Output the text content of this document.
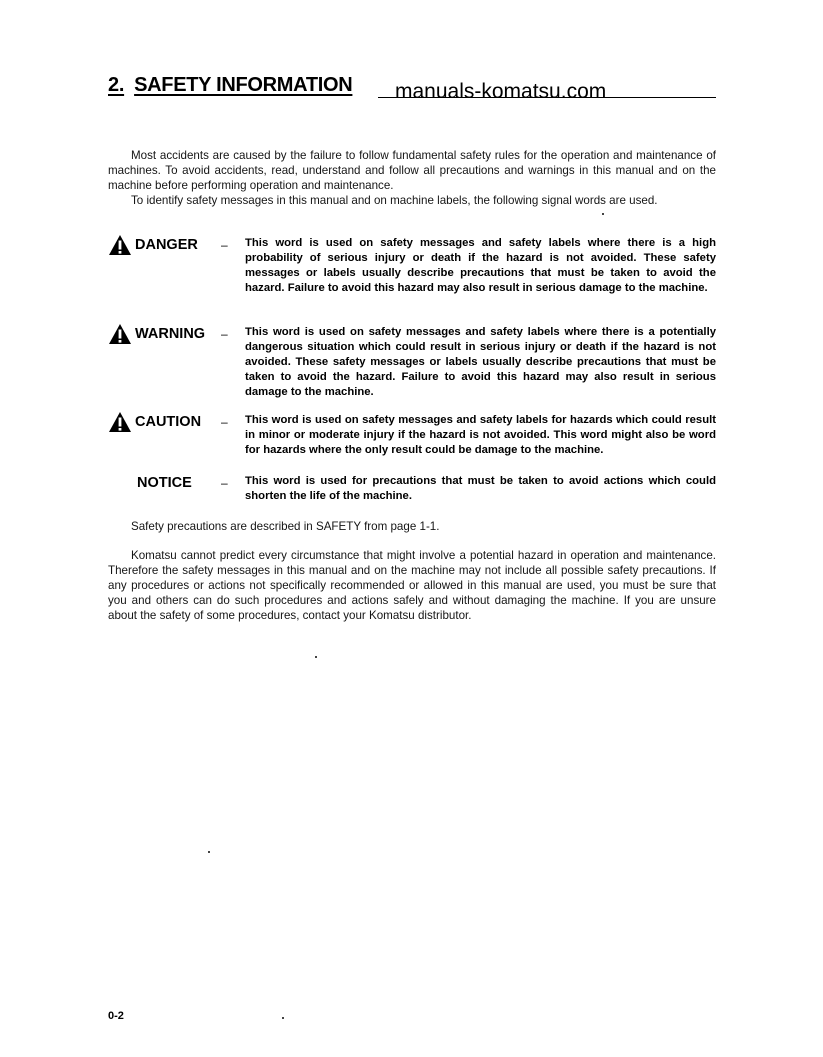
2. SAFETY INFORMATION manuals-komatsu.com

Most accidents are caused by the failure to follow fundamental safety rules for the operation and maintenance of machines. To avoid accidents, read, understand and follow all precautions and warnings in this manual and on the machine before performing operation and maintenance.

To identify safety messages in this manual and on machine labels, the following signal words are used.

DANGER – This word is used on safety messages and safety labels where there is a high probability of serious injury or death if the hazard is not avoided. These safety messages or labels usually describe precautions that must be taken to avoid the hazard. Failure to avoid this hazard may also result in serious damage to the machine.
WARNING – This word is used on safety messages and safety labels where there is a potentially dangerous situation which could result in serious injury or death if the hazard is not avoided. These safety messages or labels usually describe precautions that must be taken to avoid the hazard. Failure to avoid this hazard may also result in serious damage to the machine.
CAUTION – This word is used on safety messages and safety labels for hazards which could result in minor or moderate injury if the hazard is not avoided. This word might also be word for hazards where the only result could be damage to the machine.
NOTICE – This word is used for precautions that must be taken to avoid actions which could shorten the life of the machine.

Safety precautions are described in SAFETY from page 1-1.

Komatsu cannot predict every circumstance that might involve a potential hazard in operation and maintenance. Therefore the safety messages in this manual and on the machine may not include all possible safety precautions. If any procedures or actions not specifically recommended or allowed in this manual are used, you must be sure that you and others can do such procedures and actions safely and without damaging the machine. If you are unsure about the safety of some procedures, contact your Komatsu distributor.

0-2
